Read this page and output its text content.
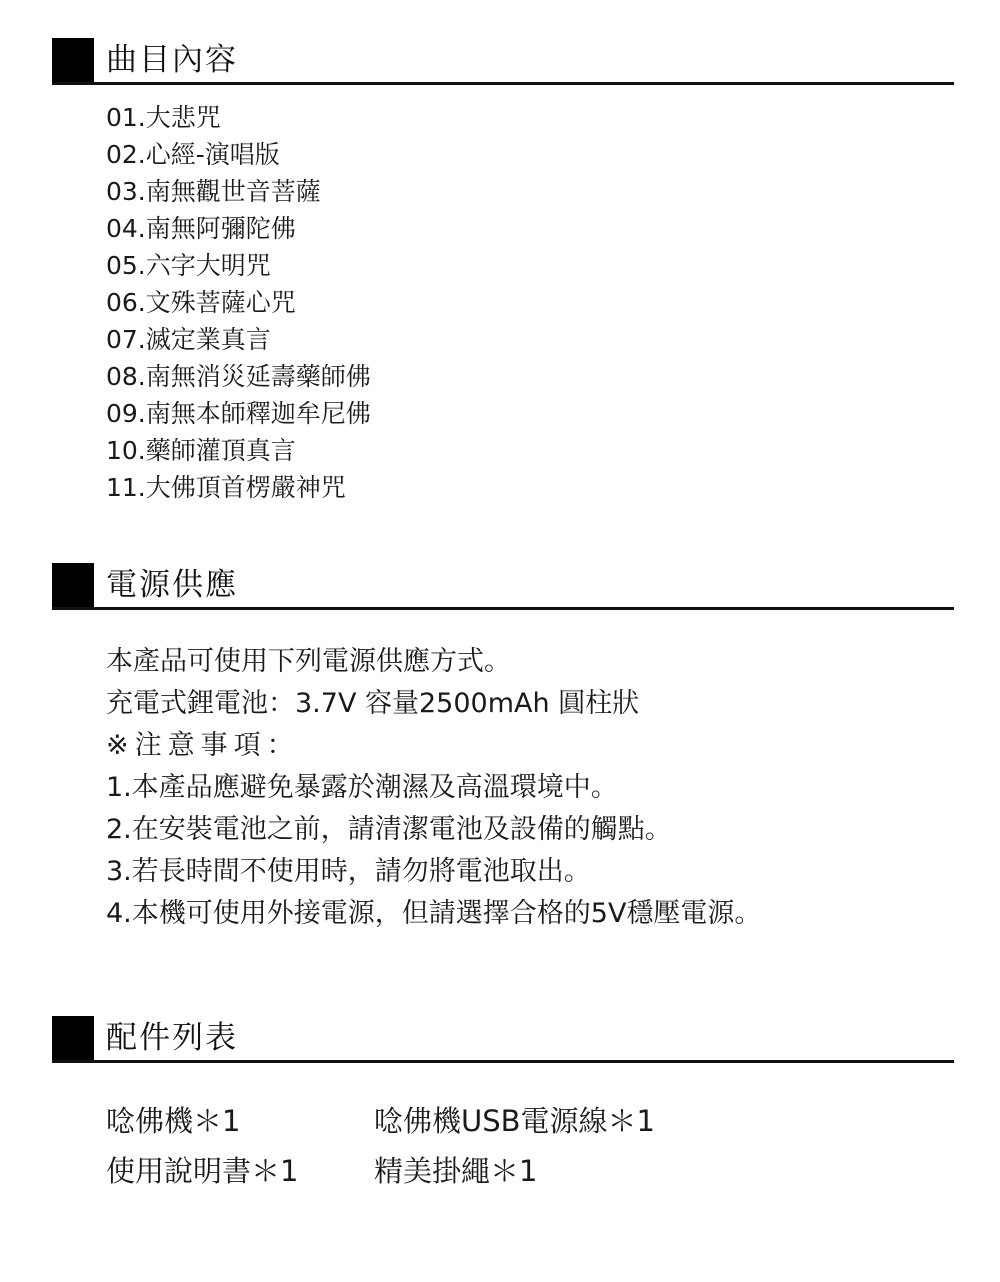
曲目內容
01.大悲咒
02.心經-演唱版
03.南無觀世音菩薩
04.南無阿彌陀佛
05.六字大明咒
06.文殊菩薩心咒
07.滅定業真言
08.南無消災延壽藥師佛
09.南無本師釋迦牟尼佛
10.藥師灌頂真言
11.大佛頂首楞嚴神咒
電源供應
本產品可使用下列電源供應方式。
充電式鋰電池：3.7V 容量2500mAh 圓柱狀
※注意事項：
1.本產品應避免暴露於潮濕及高溫環境中。
2.在安裝電池之前，請清潔電池及設備的觸點。
3.若長時間不使用時，請勿將電池取出。
4.本機可使用外接電源，但請選擇合格的5V穩壓電源。
配件列表
唸佛機＊1	唸佛機USB電源線＊1
使用說明書＊1	精美掛繩＊1
